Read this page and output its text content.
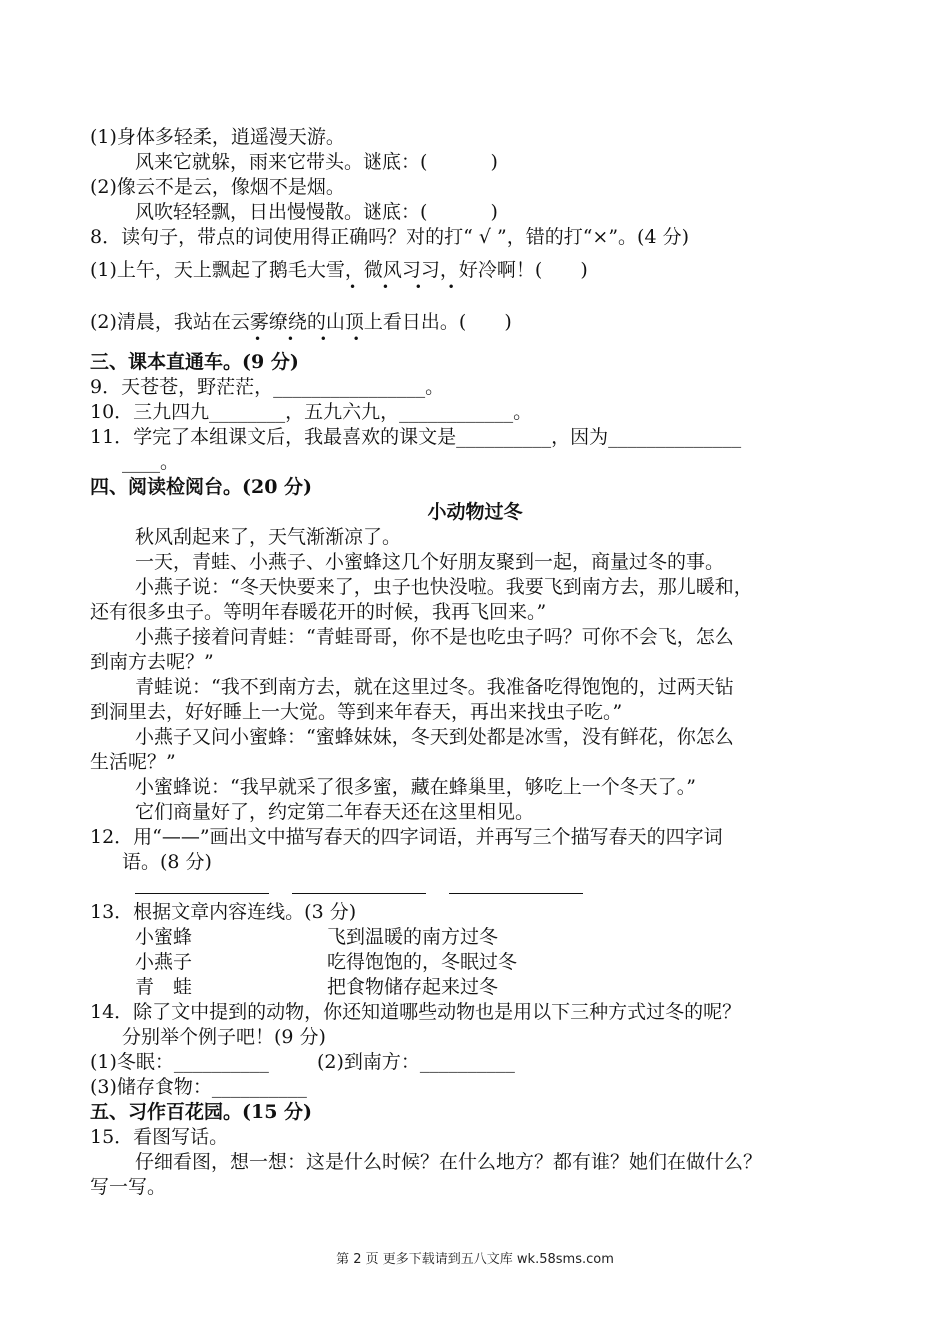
(1)身体多轻柔，逍遥漫天游。
风来它就躲，雨来它带头。谜底：(　　　 )
(2)像云不是云，像烟不是烟。
风吹轻轻飘，日出慢慢散。谜底：(　　　 )
8．读句子，带点的词使用得正确吗？对的打“ √ ”，错的打“×”。(4 分)
(1)上午，天上飘起了鹅毛大雪，微风习习，好冷啊！(　　)
• • • •
(2)清晨，我站在云雾缭绕的山顶上看日出。(　　)
• • • •
三、课本直通车。(9 分)
9．天苍苍，野茫茫，________________。
10．三九四九________，五九六九，____________。
11．学完了本组课文后，我最喜欢的课文是__________，因为______________
____。
四、阅读检阅台。(20 分)
小动物过冬
秋风刮起来了，天气渐渐凉了。
一天，青蛙、小燕子、小蜜蜂这几个好朋友聚到一起，商量过冬的事。
小燕子说：“冬天快要来了，虫子也快没啦。我要飞到南方去，那儿暖和，
还有很多虫子。等明年春暖花开的时候，我再飞回来。”
小燕子接着问青蛙：“青蛙哥哥，你不是也吃虫子吗？可你不会飞，怎么
到南方去呢？”
青蛙说：“我不到南方去，就在这里过冬。我准备吃得饱饱的，过两天钻
到洞里去，好好睡上一大觉。等到来年春天，再出来找虫子吃。”
小燕子又问小蜜蜂：“蜜蜂妹妹，冬天到处都是冰雪，没有鲜花，你怎么
生活呢？”
小蜜蜂说：“我早就采了很多蜜，藏在蜂巢里，够吃上一个冬天了。”
它们商量好了，约定第二年春天还在这里相见。
12．用“——”画出文中描写春天的四字词语，并再写三个描写春天的四字词
语。(8 分)
13．根据文章内容连线。(3 分)
小蜜蜂	飞到温暖的南方过冬
小燕子	吃得饱饱的，冬眠过冬
青　蛙	把食物储存起来过冬
14．除了文中提到的动物，你还知道哪些动物也是用以下三种方式过冬的呢？
分别举个例子吧！(9 分)
(1)冬眠：__________	(2)到南方：__________
(3)储存食物：__________
五、习作百花园。(15 分)
15．看图写话。
仔细看图，想一想：这是什么时候？在什么地方？都有谁？她们在做什么？
写一写。
第 2 页 更多下载请到五八文库 wk.58sms.com
